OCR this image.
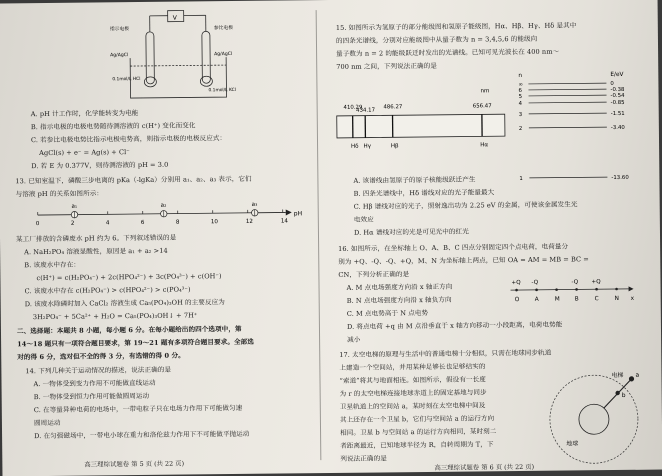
V
指示电极	参比电极
Ag/AgCl	Ag/AgCl
0.1mol/L HCl
0.1mol/L KCl
A. pH 计工作时，化学能转变为电能
B. 指示电极的电极电势随待测溶液的 c(H⁺) 变化而变化
C. 若参比电极电势比指示电极电势高，则指示电极的电极反应式：
AgCl(s) + e⁻ = Ag(s) + Cl⁻
D. 若 E 为 0.377V，则待测溶液的 pH = 3.0
13. 已知室温下，磷酸三步电离的 pKa（-lgKa）分别用 a₁、a₂、a₃ 表示，它们
与溶液 pH 的关系如图所示：
0	2	4	6	8	10	12	14
a₁	a₂	a₃
pH
某工厂排放的含磷废水 pH 约为 6。下列叙述错误的是
A. NaH₂PO₄ 溶液显酸性，原因是 a₁ + a₂ >14
B. 该废水中存在：
c(H⁺) = c(H₂PO₄⁻) + 2c(HPO₄²⁻) + 3c(PO₄³⁻) + c(OH⁻)
C. 该废水中存在 c(H₂PO₄⁻) > c(HPO₄²⁻) > c(PO₄³⁻)
D. 该废水除磷时加入 CaCl₂ 溶液生成 Ca₅(PO₄)₃OH 的主要反应为
3H₂PO₄⁻ + 5Ca²⁺ + H₂O = Ca₅(PO₄)₃OH↓ + 7H⁺
二、选择题：本题共 8 小题，每小题 6 分。在每小题给出的四个选项中，第
14～18 题只有一项符合题目要求，第 19～21 题有多项符合题目要求。全部选
对的得 6 分，选对但不全的得 3 分，有选错的得 0 分。
14. 下列几种关于运动情况的描述，说法正确的是
A. 一物体受到变力作用不可能做直线运动
B. 一物体受到恒力作用可能做圆周运动
C. 在等量异种电荷的电场中，一带电粒子只在电场力作用下可能做匀速
圆周运动
D. 在匀强磁场中，一带电小球在重力和洛伦兹力作用下不可能做平抛运动
高三理综试题卷 第 5 页 (共 22 页)
15. 如图所示为氢原子的部分能级图和氢原子能级图，Hα、Hβ、Hγ、Hδ 是其中
的四条光谱线，分别对应能级图中从量子数为 n = 3,4,5,6 的能级向
量子数为 n = 2 的能级跃迁时发出的光谱线。已知可见光波长在 400 nm～
700 nm 之间，下列说法正确的是
410.29
Hδ
434.17
Hγ
486.27
Hβ
656.47
Hα
nm
n	E/eV
∞	0
6	-0.38
5	-0.54
4	-0.85
3	-1.51
2	-3.40
1	-13.60
A. 该谱线由氢原子的原子核能级跃迁产生
B. 四条光谱线中，Hδ 谱线对应的光子能量最大
C. Hβ 谱线对应的光子，照射逸出功为 2.25 eV 的金属，可使该金属发生光
电效应
D. Hα 谱线对应的光是可见光中的红光
16. 如图所示，在坐标轴上 O、A、B、C 四点分别固定四个点电荷，电荷量分
别为 +Q、-Q、-Q、+Q，M、N 为坐标轴上两点，已知 OA = AM = MB = BC =
CN，下列分析正确的是
A. M 点电场强度方向沿 x 轴正方向
B. N 点电场强度方向沿 x 轴负方向
C. M 点电势高于 N 点电势
D. 将点电荷 +q 由 M 点沿垂直于 x 轴方向移动一小段距离，电荷电势能
减小
O	A	M	B	C	N
+Q -Q	-Q +Q
x
17. 太空电梯的原理与生活中的普通电梯十分相似，只需在地球同步轨道
上建造一个空间站，并用某种足够长也足够结实的
“索道”将其与地面相连。如图所示，假设有一长度
为 r 的太空电梯连接地球赤道上的固定基地与同步
卫星轨道上的空间站 a，某时刻在太空电梯中间及
其上还存在一个卫星 b，它们与空间站 a 的运行方向
相同。卫星 b 与空间站 a 的运行方向相同，某时刻二
者距离最近，已知地球半径为 R，自转周期为 T，下
列说法正确的是
电梯 a
b
地球
高三理综试题卷 第 6 页 (共 22 页)
